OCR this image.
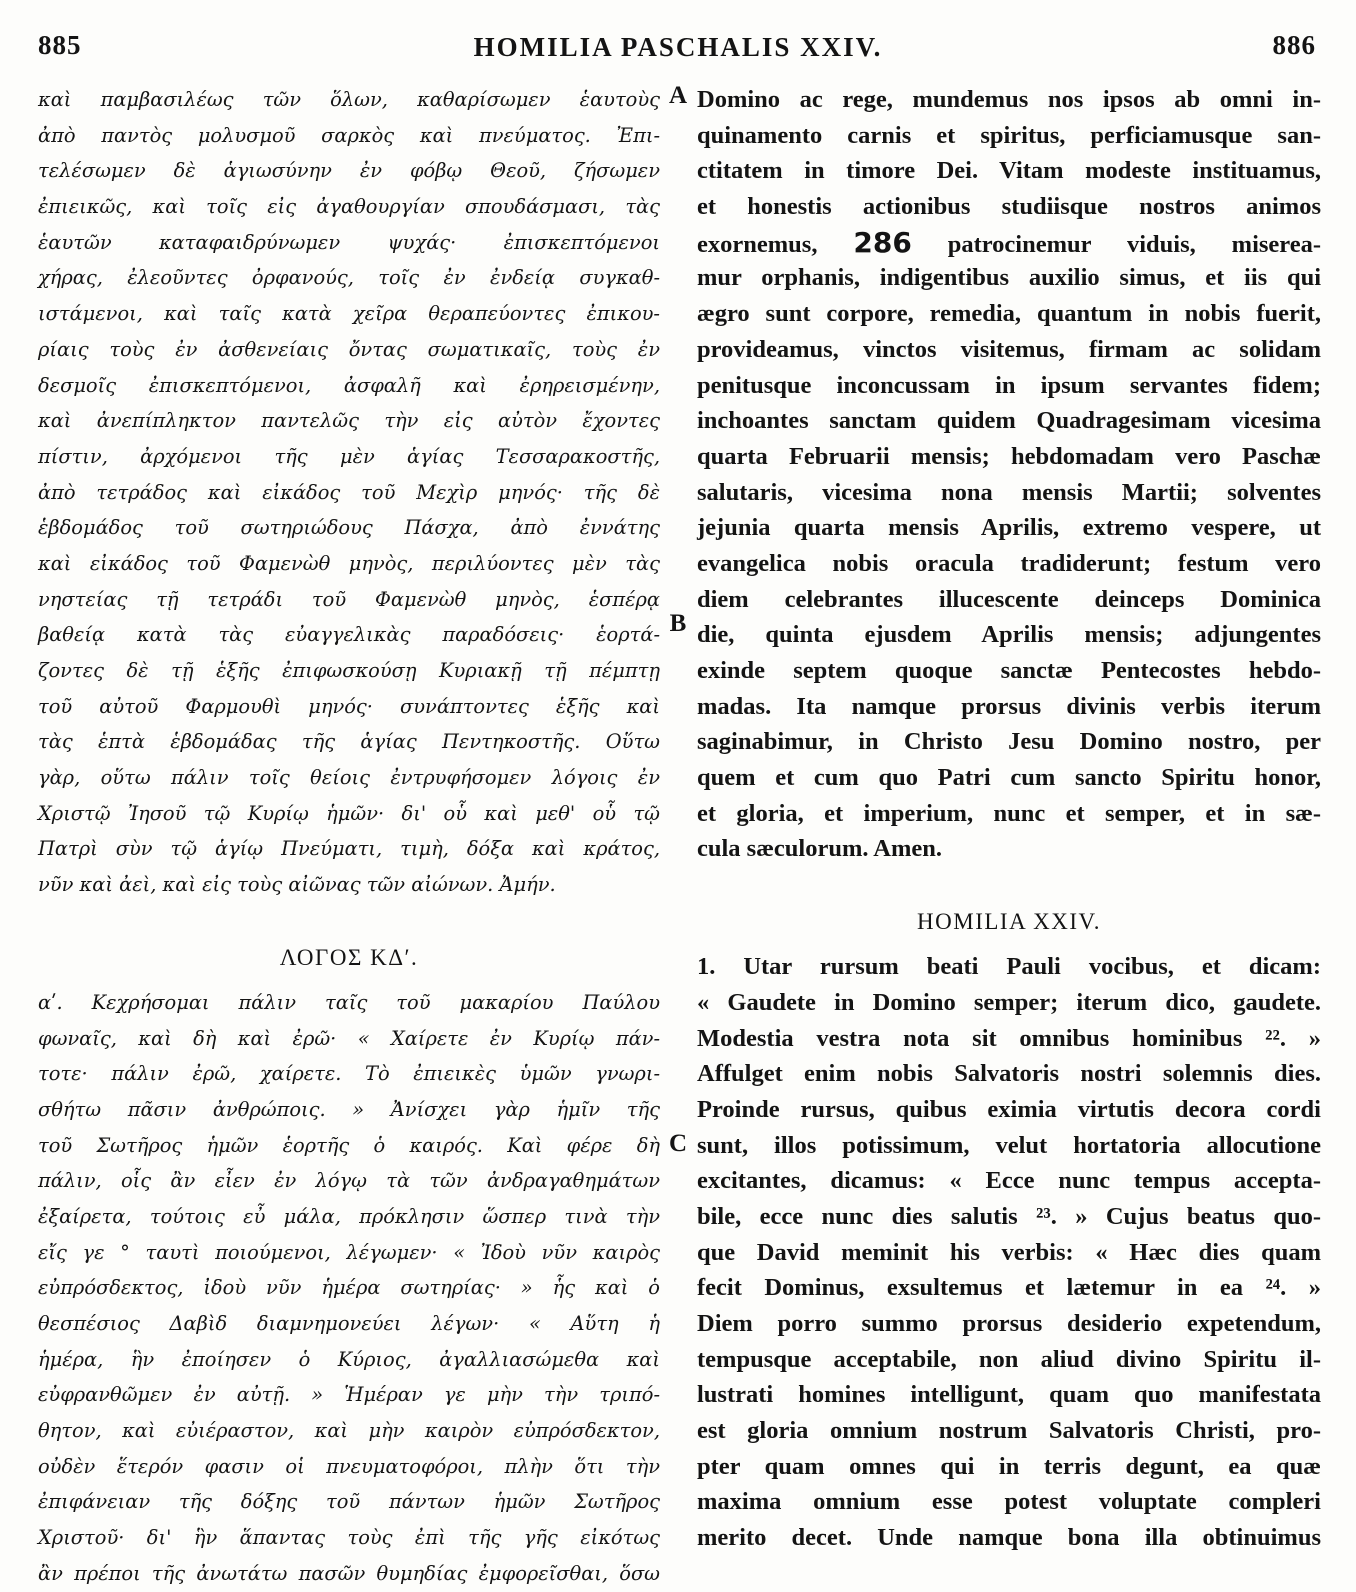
885	HOMILIA PASCHALIS XXIV.	886
A
B
C
καὶ παμβασιλέως τῶν ὅλων, καθαρίσωμεν ἑαυτοὺς
ἀπὸ παντὸς μολυσμοῦ σαρκὸς καὶ πνεύματος. Ἐπι-
τελέσωμεν δὲ ἁγιωσύνην ἐν φόβῳ Θεοῦ, ζήσωμεν
ἐπιεικῶς, καὶ τοῖς εἰς ἀγαθουργίαν σπουδάσμασι, τὰς
ἑαυτῶν καταφαιδρύνωμεν ψυχάς· ἐπισκεπτόμενοι
χήρας, ἐλεοῦντες ὀρφανούς, τοῖς ἐν ἐνδείᾳ συγκαθ-
ιστάμενοι, καὶ ταῖς κατὰ χεῖρα θεραπεύοντες ἐπικου-
ρίαις τοὺς ἐν ἀσθενείαις ὄντας σωματικαῖς, τοὺς ἐν
δεσμοῖς ἐπισκεπτόμενοι, ἀσφαλῆ καὶ ἐρηρεισμένην,
καὶ ἀνεπίπληκτον παντελῶς τὴν εἰς αὐτὸν ἔχοντες
πίστιν, ἀρχόμενοι τῆς μὲν ἁγίας Τεσσαρακοστῆς,
ἀπὸ τετράδος καὶ εἰκάδος τοῦ Μεχὶρ μηνός· τῆς δὲ
ἑβδομάδος τοῦ σωτηριώδους Πάσχα, ἀπὸ ἐννάτης
καὶ εἰκάδος τοῦ Φαμενὼθ μηνὸς, περιλύοντες μὲν τὰς
νηστείας τῇ τετράδι τοῦ Φαμενὼθ μηνὸς, ἑσπέρᾳ
βαθείᾳ κατὰ τὰς εὐαγγελικὰς παραδόσεις· ἑορτά-
ζοντες δὲ τῇ ἑξῆς ἐπιφωσκούσῃ Κυριακῇ τῇ πέμπτῃ
τοῦ αὐτοῦ Φαρμουθὶ μηνός· συνάπτοντες ἑξῆς καὶ
τὰς ἑπτὰ ἑβδομάδας τῆς ἁγίας Πεντηκοστῆς. Οὕτω
γὰρ, οὕτω πάλιν τοῖς θείοις ἐντρυφήσομεν λόγοις ἐν
Χριστῷ Ἰησοῦ τῷ Κυρίῳ ἡμῶν· δι' οὗ καὶ μεθ' οὗ τῷ
Πατρὶ σὺν τῷ ἁγίῳ Πνεύματι, τιμὴ, δόξα καὶ κράτος,
νῦν καὶ ἀεὶ, καὶ εἰς τοὺς αἰῶνας τῶν αἰώνων. Ἀμήν.
ΛΟΓΟΣ ΚΔʹ.
αʹ. Κεχρήσομαι πάλιν ταῖς τοῦ μακαρίου Παύλου
φωναῖς, καὶ δὴ καὶ ἐρῶ· « Χαίρετε ἐν Κυρίῳ πάν-
τοτε· πάλιν ἐρῶ, χαίρετε. Τὸ ἐπιεικὲς ὑμῶν γνωρι-
σθήτω πᾶσιν ἀνθρώποις. » Ἀνίσχει γὰρ ἡμῖν τῆς
τοῦ Σωτῆρος ἡμῶν ἑορτῆς ὁ καιρός. Καὶ φέρε δὴ
πάλιν, οἷς ἂν εἶεν ἐν λόγῳ τὰ τῶν ἀνδραγαθημάτων
ἐξαίρετα, τούτοις εὖ μάλα, πρόκλησιν ὥσπερ τινὰ τὴν
εἴς γε ° ταυτὶ ποιούμενοι, λέγωμεν· « Ἰδοὺ νῦν καιρὸς
εὐπρόσδεκτος, ἰδοὺ νῦν ἡμέρα σωτηρίας· » ἧς καὶ ὁ
θεσπέσιος Δαβὶδ διαμνημονεύει λέγων· « Αὕτη ἡ
ἡμέρα, ἣν ἐποίησεν ὁ Κύριος, ἀγαλλιασώμεθα καὶ
εὐφρανθῶμεν ἐν αὐτῇ. » Ἡμέραν γε μὴν τὴν τριπό-
θητον, καὶ εὐιέραστον, καὶ μὴν καιρὸν εὐπρόσδεκτον,
οὐδὲν ἕτερόν φασιν οἱ πνευματοφόροι, πλὴν ὅτι τὴν
ἐπιφάνειαν τῆς δόξης τοῦ πάντων ἡμῶν Σωτῆρος
Χριστοῦ· δι' ἣν ἅπαντας τοὺς ἐπὶ τῆς γῆς εἰκότως
ἂν πρέποι τῆς ἀνωτάτω πασῶν θυμηδίας ἐμφορεῖσθαι, ὅσω
Domino ac rege, mundemus nos ipsos ab omni in-
quinamento carnis et spiritus, perficiamusque san-
ctitatem in timore Dei. Vitam modeste instituamus,
et honestis actionibus studiisque nostros animos
exornemus, 286 patrocinemur viduis, miserea-
mur orphanis, indigentibus auxilio simus, et iis qui
ægro sunt corpore, remedia, quantum in nobis fuerit,
provideamus, vinctos visitemus, firmam ac solidam
penitusque inconcussam in ipsum servantes fidem;
inchoantes sanctam quidem Quadragesimam vicesima
quarta Februarii mensis; hebdomadam vero Paschæ
salutaris, vicesima nona mensis Martii; solventes
jejunia quarta mensis Aprilis, extremo vespere, ut
evangelica nobis oracula tradiderunt; festum vero
diem celebrantes illucescente deinceps Dominica
die, quinta ejusdem Aprilis mensis; adjungentes
exinde septem quoque sanctæ Pentecostes hebdo-
madas. Ita namque prorsus divinis verbis iterum
saginabimur, in Christo Jesu Domino nostro, per
quem et cum quo Patri cum sancto Spiritu honor,
et gloria, et imperium, nunc et semper, et in sæ-
cula sæculorum. Amen.
HOMILIA XXIV.
1. Utar rursum beati Pauli vocibus, et dicam:
« Gaudete in Domino semper; iterum dico, gaudete.
Modestia vestra nota sit omnibus hominibus ²². »
Affulget enim nobis Salvatoris nostri solemnis dies.
Proinde rursus, quibus eximia virtutis decora cordi
sunt, illos potissimum, velut hortatoria allocutione
excitantes, dicamus: « Ecce nunc tempus accepta-
bile, ecce nunc dies salutis ²³. » Cujus beatus quo-
que David meminit his verbis: « Hæc dies quam
fecit Dominus, exsultemus et lætemur in ea ²⁴. »
Diem porro summo prorsus desiderio expetendum,
tempusque acceptabile, non aliud divino Spiritu il-
lustrati homines intelligunt, quam quo manifestata
est gloria omnium nostrum Salvatoris Christi, pro-
pter quam omnes qui in terris degunt, ea quæ
maxima omnium esse potest voluptate compleri
merito decet. Unde namque bona illa obtinuimus
